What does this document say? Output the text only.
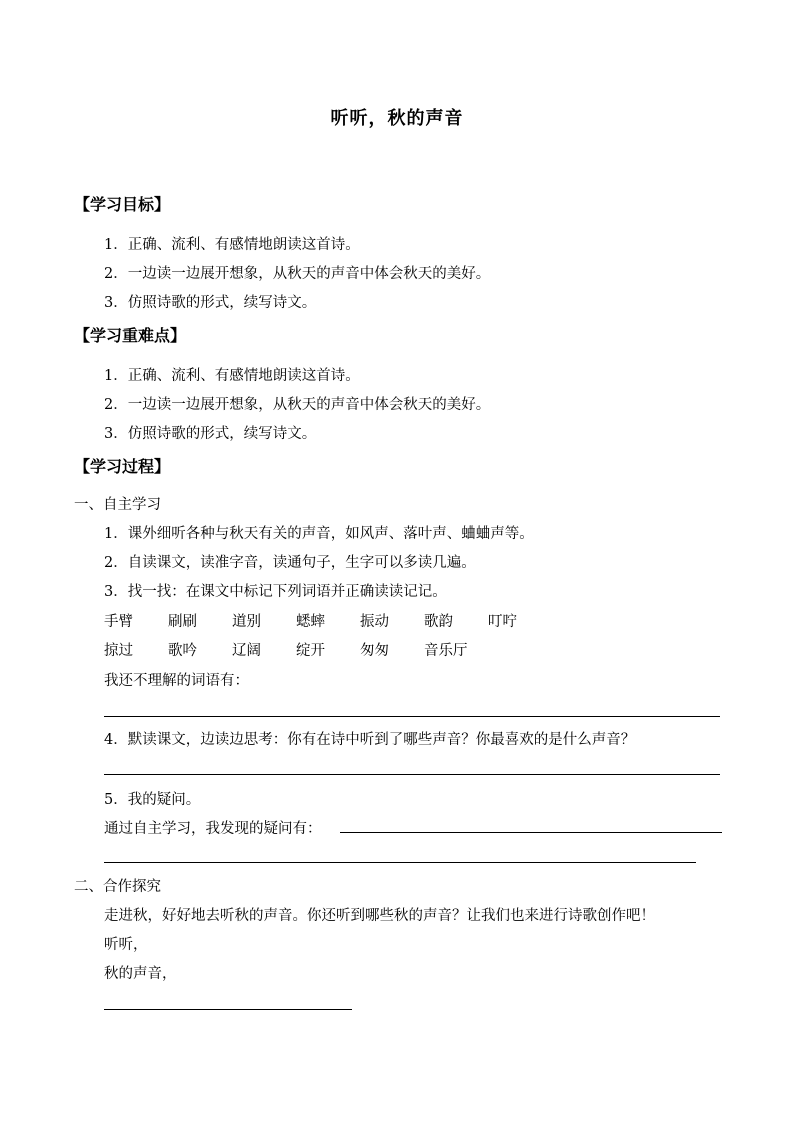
听听，秋的声音
【学习目标】
1．正确、流利、有感情地朗读这首诗。
2．一边读一边展开想象，从秋天的声音中体会秋天的美好。
3．仿照诗歌的形式，续写诗文。
【学习重难点】
1．正确、流利、有感情地朗读这首诗。
2．一边读一边展开想象，从秋天的声音中体会秋天的美好。
3．仿照诗歌的形式，续写诗文。
【学习过程】
一、自主学习
1．课外细听各种与秋天有关的声音，如风声、落叶声、蛐蛐声等。
2．自读课文，读准字音，读通句子，生字可以多读几遍。
3．找一找：在课文中标记下列词语并正确读读记记。
手臂 刷刷 道别 蟋蟀 振动 歌韵 叮咛
掠过 歌吟 辽阔 绽开 匆匆 音乐厅
我还不理解的词语有：
4．默读课文，边读边思考：你有在诗中听到了哪些声音？你最喜欢的是什么声音？
5．我的疑问。
通过自主学习，我发现的疑问有：
二、合作探究
走进秋，好好地去听秋的声音。你还听到哪些秋的声音？让我们也来进行诗歌创作吧！
听听，
秋的声音，
